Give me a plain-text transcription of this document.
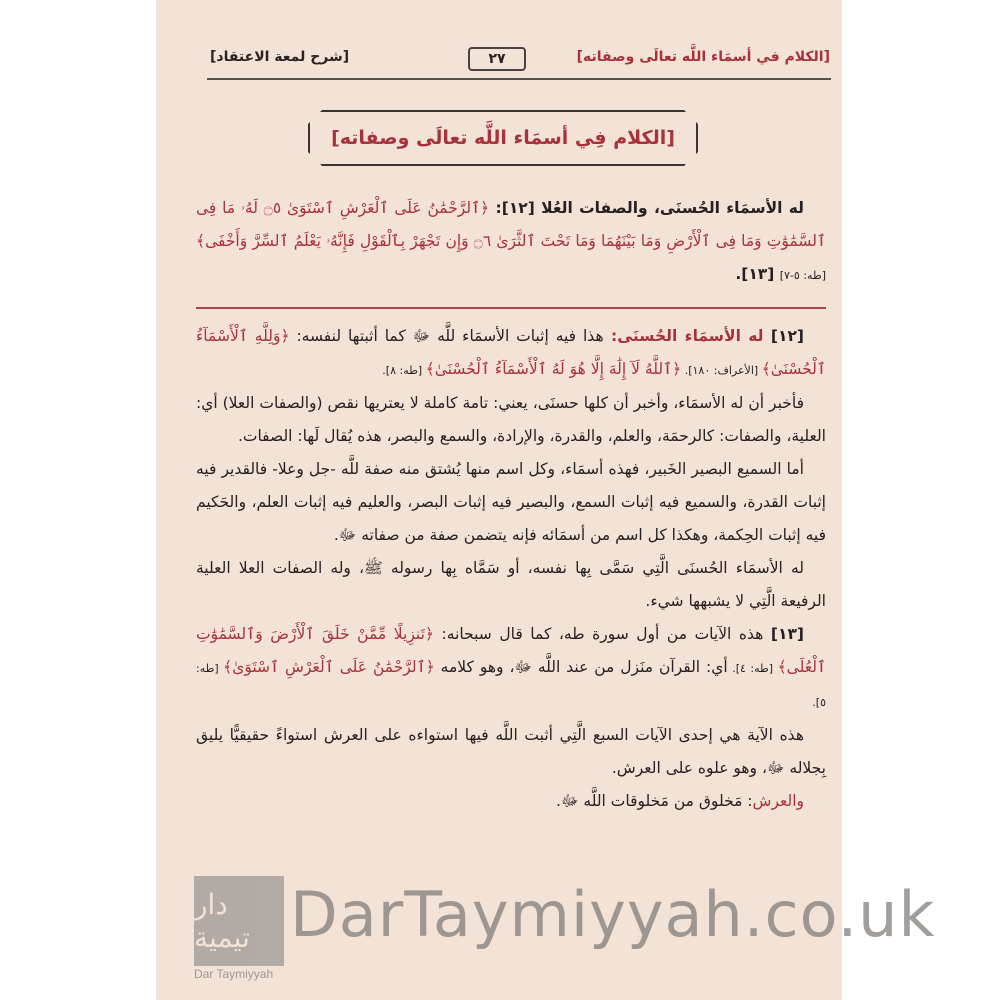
[الكلام في أسمَاء اللَّه تعالَى وصفاته]
[شرح لمعة الاعتقاد]	٢٧
[الكلام فِي أسمَاء اللَّه تعالَى وصفاته]

له الأسمَاء الحُسنَى، والصفات العُلا [١٢]: ﴿ٱلرَّحْمَٰنُ عَلَى ٱلْعَرْشِ ٱسْتَوَىٰ ۝٥ لَهُۥ مَا فِى ٱلسَّمَٰوَٰتِ وَمَا فِى ٱلْأَرْضِ وَمَا بَيْنَهُمَا وَمَا تَحْتَ ٱلثَّرَىٰ ۝٦ وَإِن تَجْهَرْ بِٱلْقَوْلِ فَإِنَّهُۥ يَعْلَمُ ٱلسِّرَّ وَأَخْفَى﴾ [طه: ٥-٧] [١٣].

[١٢] له الأسمَاء الحُسنَى: هذا فيه إثبات الأسمَاء للَّه ﷻ كما أثبتها لنفسه: ﴿وَلِلَّهِ ٱلْأَسْمَآءُ ٱلْحُسْنَىٰ﴾ [الأعراف: ١٨٠]. ﴿ٱللَّهُ لَآ إِلَٰهَ إِلَّا هُوَ لَهُ ٱلْأَسْمَآءُ ٱلْحُسْنَىٰ﴾ [طه: ٨].

فأخبر أن له الأسمَاء، وأخبر أن كلها حسنَى، يعني: تامة كاملة لا يعتريها نقص (والصفات العلا) أي: العلية، والصفات: كالرحمَة، والعلم، والقدرة، والإرادة، والسمع والبصر، هذه يُقال لَها: الصفات.

أما السميع البصير الخَبير، فهذه أسمَاء، وكل اسم منها يُشتق منه صفة للَّه -جل وعلا- فالقدير فيه إثبات القدرة، والسميع فيه إثبات السمع، والبصير فيه إثبات البصر، والعليم فيه إثبات العلم، والحَكيم فيه إثبات الحِكمة، وهكذا كل اسم من أسمَائه فإنه يتضمن صفة من صفاته ﷻ.

له الأسمَاء الحُسنَى الَّتِي سَمَّى بِها نفسه، أو سَمَّاه بِها رسوله ﷺ، وله الصفات العلا العلية الرفيعة الَّتِي لا يشبهها شيء.

[١٣] هذه الآيات من أول سورة طه، كما قال سبحانه: ﴿تَنزِيلًا مِّمَّنْ خَلَقَ ٱلْأَرْضَ وَٱلسَّمَٰوَٰتِ ٱلْعُلَى﴾ [طه: ٤]. أي: القرآن منَزل من عند اللَّه ﷻ، وهو كلامه ﴿ٱلرَّحْمَٰنُ عَلَى ٱلْعَرْشِ ٱسْتَوَىٰ﴾ [طه: ٥].

هذه الآية هي إحدى الآيات السبع الَّتِي أثبت اللَّه فيها استواءه على العرش استواءً حقيقيًّا يليق بِجلاله ﷻ، وهو علوه على العرش.

والعرش: مَخلوق من مَخلوقات اللَّه ﷻ.

دار تيمية
Dar Taymiyyah
DarTaymiyyah.co.uk
